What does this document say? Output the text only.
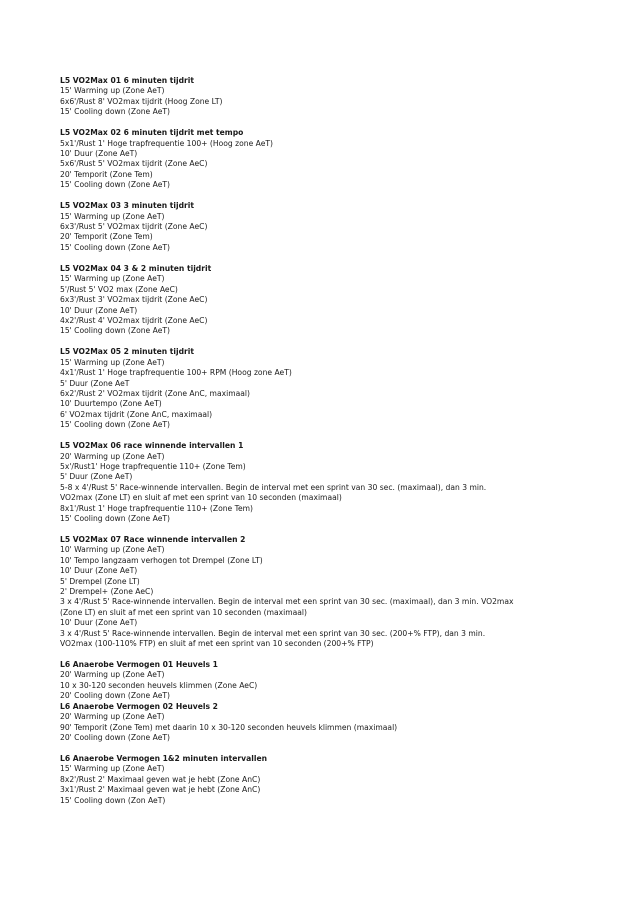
L5 VO2Max 01 6 minuten tijdrit
15' Warming up (Zone AeT)
6x6'/Rust 8' VO2max tijdrit (Hoog Zone LT)
15' Cooling down (Zone AeT)
L5 VO2Max 02 6 minuten tijdrit met tempo
5x1'/Rust 1' Hoge trapfrequentie 100+ (Hoog zone AeT)
10' Duur (Zone AeT)
5x6'/Rust 5' VO2max tijdrit (Zone AeC)
20' Temporit (Zone Tem)
15' Cooling down (Zone AeT)
L5 VO2Max 03 3 minuten tijdrit
15' Warming up (Zone AeT)
6x3'/Rust 5' VO2max tijdrit (Zone AeC)
20' Temporit (Zone Tem)
15' Cooling down (Zone AeT)
L5 VO2Max 04 3 & 2 minuten tijdrit
15' Warming up (Zone AeT)
5'/Rust 5' VO2 max (Zone AeC)
6x3'/Rust 3' VO2max tijdrit (Zone AeC)
10' Duur (Zone AeT)
4x2'/Rust 4' VO2max tijdrit (Zone AeC)
15' Cooling down (Zone AeT)
L5 VO2Max 05 2 minuten tijdrit
15' Warming up (Zone AeT)
4x1'/Rust 1' Hoge trapfrequentie 100+ RPM (Hoog zone AeT)
5' Duur (Zone AeT
6x2'/Rust 2' VO2max tijdrit (Zone AnC, maximaal)
10' Duurtempo (Zone AeT)
6' VO2max tijdrit (Zone AnC, maximaal)
15' Cooling down (Zone AeT)
L5 VO2Max 06 race winnende intervallen 1
20' Warming up (Zone AeT)
5x'/Rust1' Hoge trapfrequentie 110+ (Zone Tem)
5' Duur (Zone AeT)
5-8 x 4'/Rust 5' Race-winnende intervallen. Begin de interval met een sprint van 30 sec. (maximaal), dan 3 min.
VO2max (Zone LT) en sluit af met een sprint van 10 seconden (maximaal)
8x1'/Rust 1' Hoge trapfrequentie 110+ (Zone Tem)
15' Cooling down (Zone AeT)
L5 VO2Max 07 Race winnende intervallen 2
10' Warming up (Zone AeT)
10' Tempo langzaam verhogen tot Drempel (Zone LT)
10' Duur (Zone AeT)
5' Drempel (Zone LT)
2' Drempel+ (Zone AeC)
3 x 4'/Rust 5' Race-winnende intervallen. Begin de interval met een sprint van 30 sec. (maximaal), dan 3 min. VO2max
(Zone LT) en sluit af met een sprint van 10 seconden (maximaal)
10' Duur (Zone AeT)
3 x 4'/Rust 5' Race-winnende intervallen. Begin de interval met een sprint van 30 sec. (200+% FTP), dan 3 min.
VO2max (100-110% FTP) en sluit af met een sprint van 10 seconden (200+% FTP)
L6 Anaerobe Vermogen 01 Heuvels 1
20' Warming up (Zone AeT)
10 x 30-120 seconden heuvels klimmen (Zone AeC)
20' Cooling down (Zone AeT)
L6 Anaerobe Vermogen 02 Heuvels 2
20' Warming up (Zone AeT)
90' Temporit (Zone Tem) met daarin 10 x 30-120 seconden heuvels klimmen (maximaal)
20' Cooling down (Zone AeT)
L6 Anaerobe Vermogen 1&2 minuten intervallen
15' Warming up (Zone AeT)
8x2'/Rust 2' Maximaal geven wat je hebt (Zone AnC)
3x1'/Rust 2' Maximaal geven wat je hebt (Zone AnC)
15' Cooling down (Zon AeT)
